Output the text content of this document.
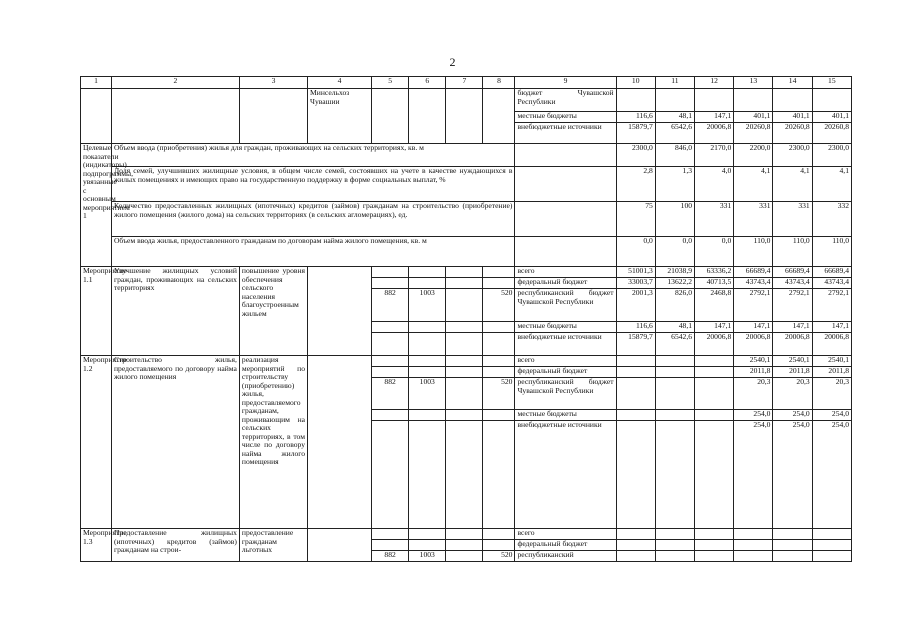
2
1	2	3	4	5	6	7	8	9	10	11	12	13	14	15
			Минсельхоз Чувашии					бюджет Чувашской Республики						
								местные бюджеты	116,6	48,1	147,1	401,1	401,1	401,1
								внебюджетные источники	15879,7	6542,6	20006,8	20260,8	20260,8	20260,8
Целевые показатели (индикаторы) подпрограммы, увязанные с основным мероприятием 1	Объем ввода (приобретения) жилья для граждан, проживающих на сельских территориях, кв. м								2300,0	846,0	2170,0	2200,0	2300,0	2300,0
	Доля семей, улучшивших жилищные условия, в общем числе семей, состоявших на учете в качестве нуждающихся в жилых помещениях и имеющих право на государственную поддержку в форме социальных выплат, %								2,8	1,3	4,0	4,1	4,1	4,1
	Количество предоставленных жилищных (ипотечных) кредитов (займов) гражданам на строительство (приобретение) жилого помещения (жилого дома) на сельских территориях (в сельских агломерациях), ед.								75	100	331	331	331	332
	Объем ввода жилья, предоставленного гражданам по договорам найма жилого помещения, кв. м								0,0	0,0	0,0	110,0	110,0	110,0
Мероприятие 1.1	Улучшение жилищных условий граждан, проживающих на сельских территориях	повышение уровня обеспечения сельского населения благоустроенным жильем						всего	51001,3	21038,9	63336,2	66689,4	66689,4	66689,4
								федеральный бюджет	33003,7	13622,2	40713,5	43743,4	43743,4	43743,4
				882	1003		520	республиканский бюджет Чувашской Республики	2001,3	826,0	2468,8	2792,1	2792,1	2792,1
								местные бюджеты	116,6	48,1	147,1	147,1	147,1	147,1
								внебюджетные источники	15879,7	6542,6	20006,8	20006,8	20006,8	20006,8
Мероприятие 1.2	Строительство жилья, предоставляемого по договору найма жилого помещения	реализация мероприятий по строительству (приобретению) жилья, предоставляемого гражданам, проживающим на сельских территориях, в том числе по договору найма жилого помещения						всего				2540,1	2540,1	2540,1
								федеральный бюджет				2011,8	2011,8	2011,8
				882	1003		520	республиканский бюджет Чувашской Республики				20,3	20,3	20,3
								местные бюджеты				254,0	254,0	254,0
								внебюджетные источники				254,0	254,0	254,0
Мероприятие 1.3	Предоставление жилищных (ипотечных) кредитов (займов) гражданам на строи-	предоставление гражданам льготных						всего						
								федеральный бюджет						
				882	1003		520	республиканский						
